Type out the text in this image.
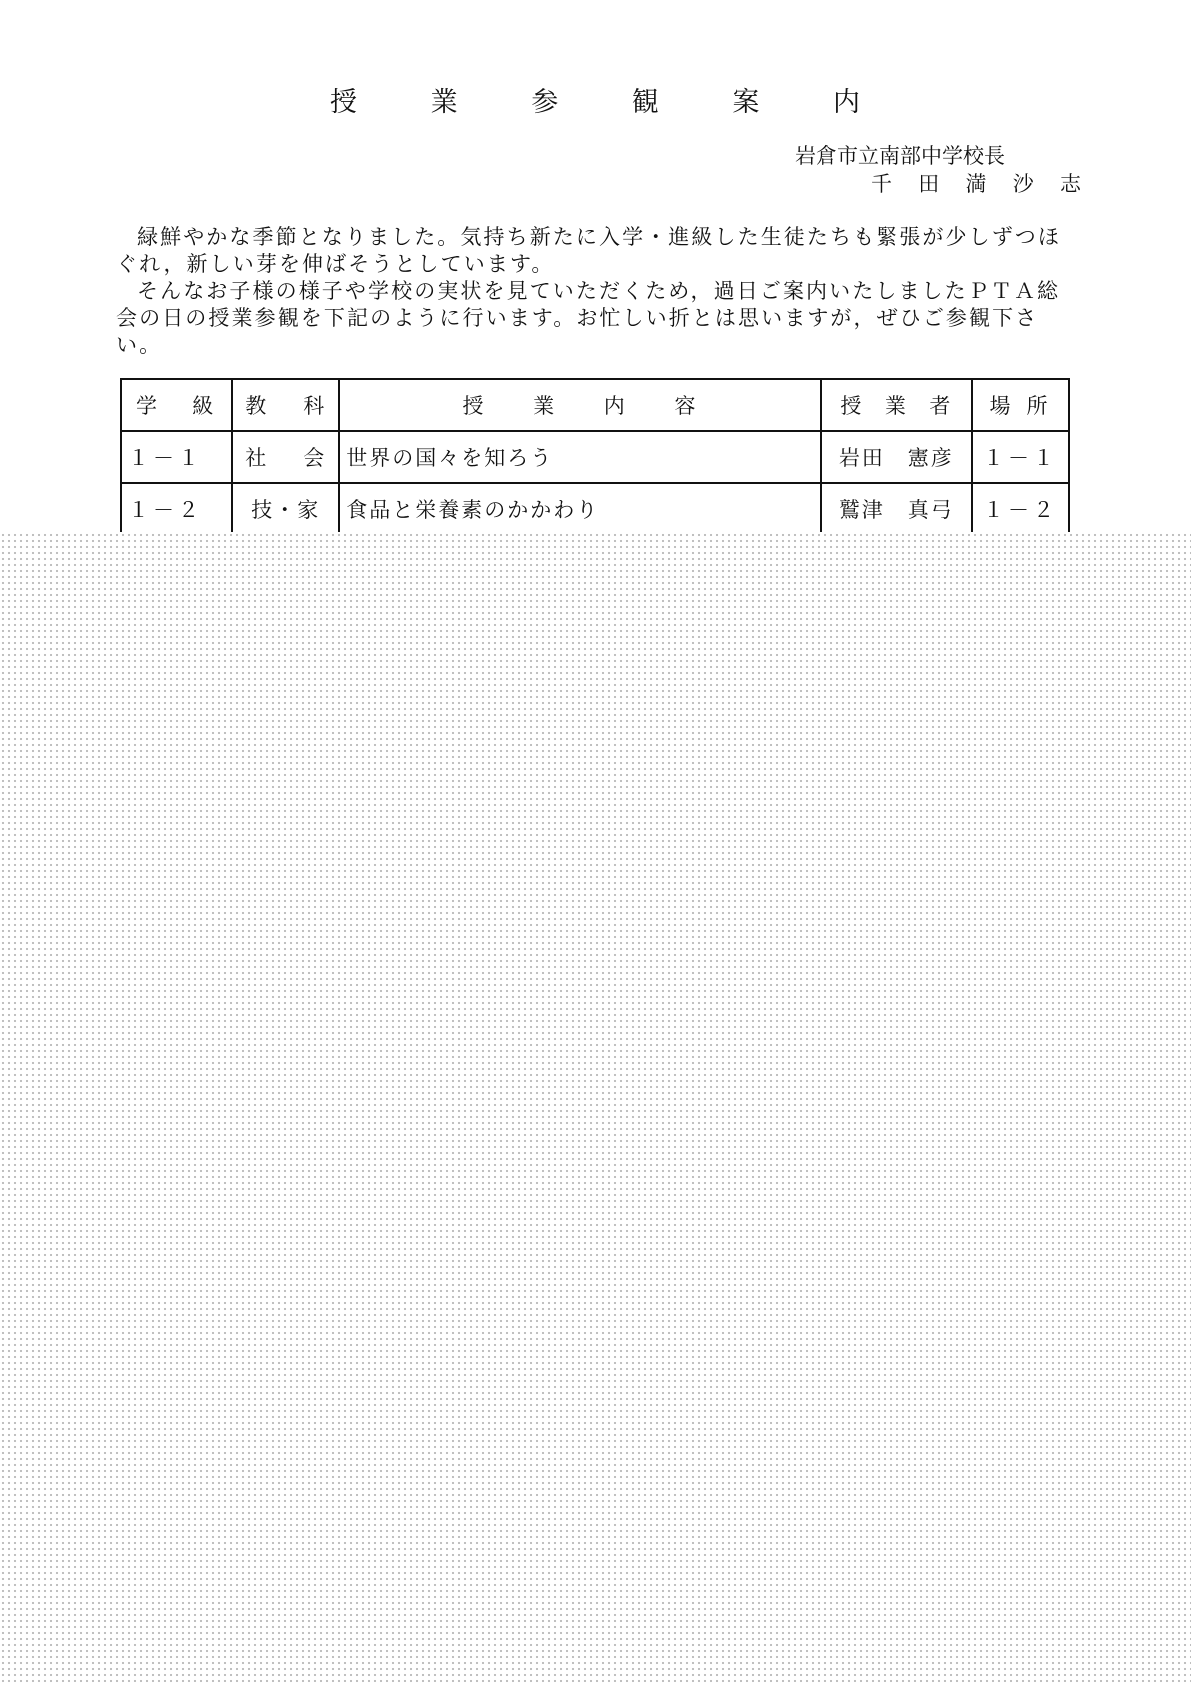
授	業	参	観	案	内
岩倉市立南部中学校長
千 田 満 沙 志

緑鮮やかな季節となりました。気持ち新たに入学・進級した生徒たちも緊張が少しずつほぐれ，新しい芽を伸ばそうとしています。

そんなお子様の様子や学校の実状を見ていただくため，過日ご案内いたしましたＰＴＡ総会の日の授業参観を下記のように行います。お忙しい折とは思いますが，ぜひご参観下さい。

学 級	教 科	授 業 内 容	授 業 者	場 所

１－１	社 会	世界の国々を知ろう	岩田　憲彦	１－１
１－２	技・家	食品と栄養素のかかわり	鷲津　真弓	１－２
